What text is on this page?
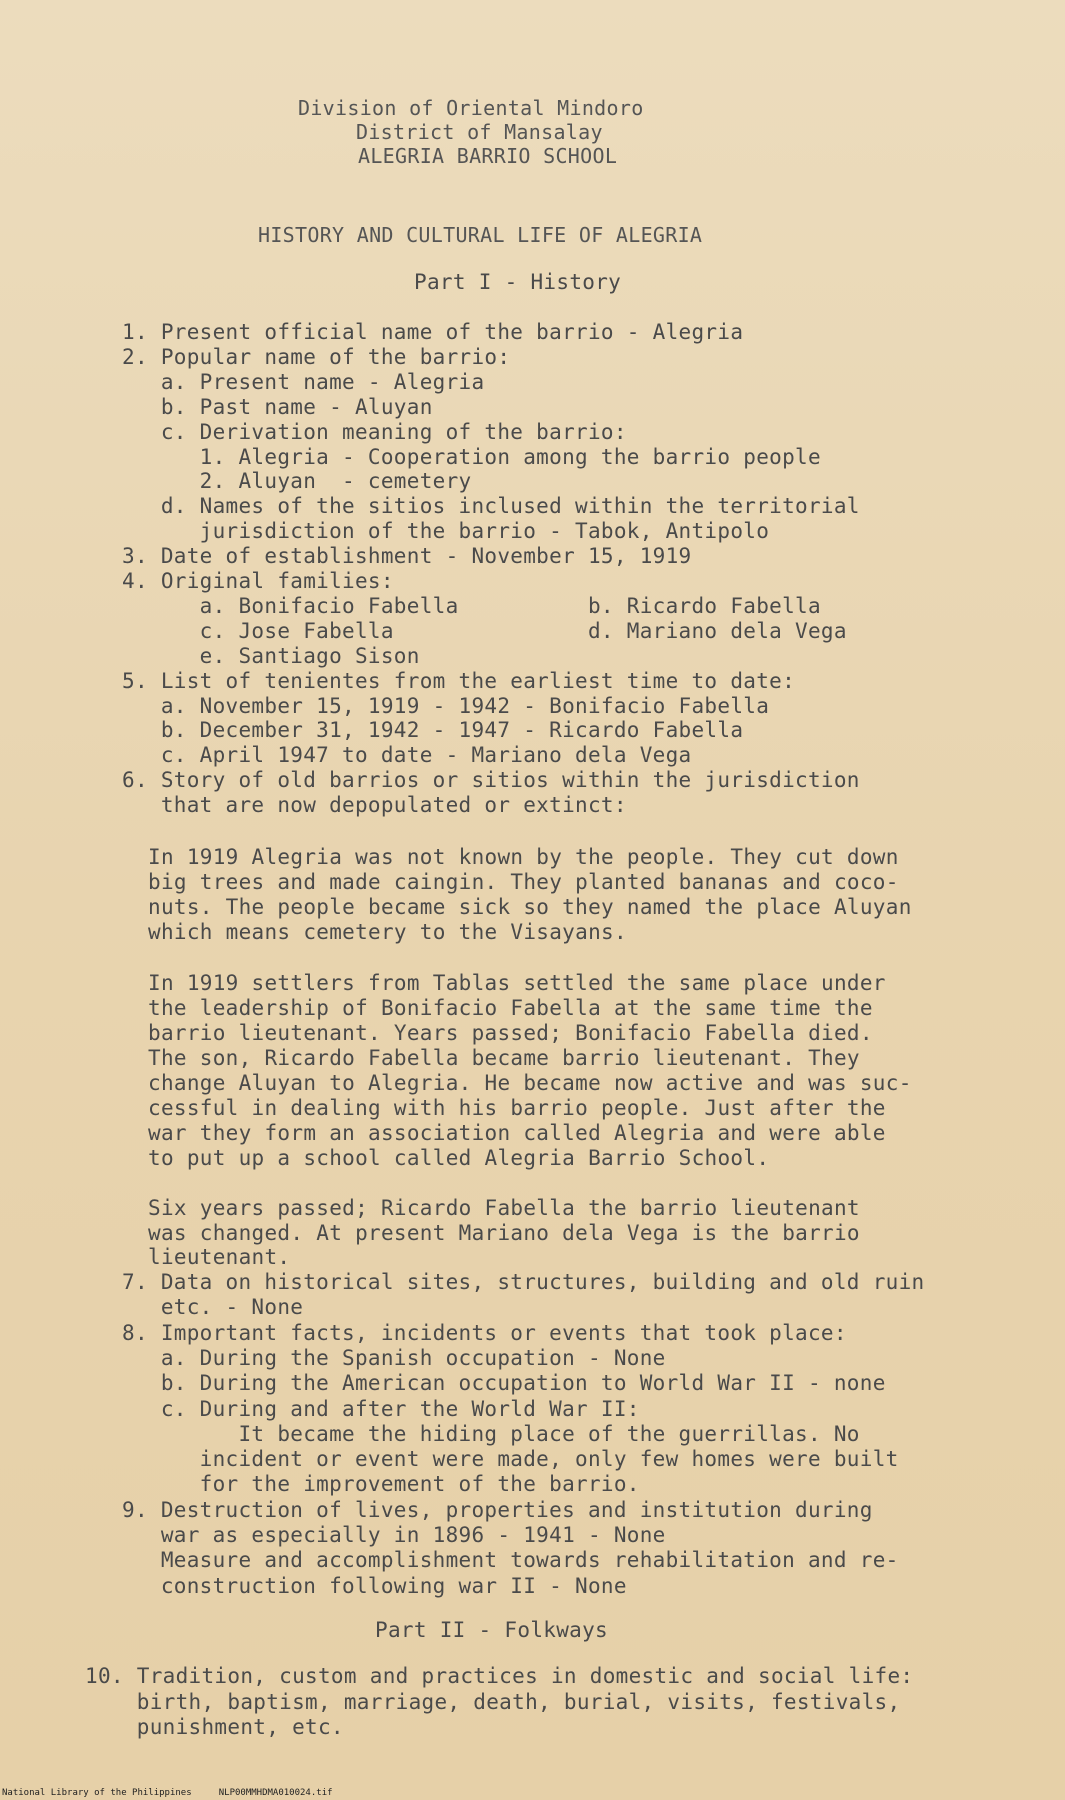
Division of Oriental Mindoro
District of Mansalay
ALEGRIA BARRIO SCHOOL
HISTORY AND CULTURAL LIFE OF ALEGRIA
Part I - History
1. Present official name of the barrio - Alegria
2. Popular name of the barrio:
a. Present name - Alegria
b. Past name - Aluyan
c. Derivation meaning of the barrio:
1. Alegria - Cooperation among the barrio people
2. Aluyan  - cemetery
d. Names of the sitios inclused within the territorial
jurisdiction of the barrio - Tabok, Antipolo
3. Date of establishment - November 15, 1919
4. Original families:
a. Bonifacio Fabella          b. Ricardo Fabella
c. Jose Fabella               d. Mariano dela Vega
e. Santiago Sison
5. List of tenientes from the earliest time to date:
a. November 15, 1919 - 1942 - Bonifacio Fabella
b. December 31, 1942 - 1947 - Ricardo Fabella
c. April 1947 to date - Mariano dela Vega
6. Story of old barrios or sitios within the jurisdiction
that are now depopulated or extinct:
In 1919 Alegria was not known by the people. They cut down
big trees and made caingin. They planted bananas and coco-
nuts. The people became sick so they named the place Aluyan
which means cemetery to the Visayans.
In 1919 settlers from Tablas settled the same place under
the leadership of Bonifacio Fabella at the same time the
barrio lieutenant. Years passed; Bonifacio Fabella died.
The son, Ricardo Fabella became barrio lieutenant. They
change Aluyan to Alegria. He became now active and was suc-
cessful in dealing with his barrio people. Just after the
war they form an association called Alegria and were able
to put up a school called Alegria Barrio School.
Six years passed; Ricardo Fabella the barrio lieutenant
was changed. At present Mariano dela Vega is the barrio
lieutenant.
7. Data on historical sites, structures, building and old ruin
etc. - None
8. Important facts, incidents or events that took place:
a. During the Spanish occupation - None
b. During the American occupation to World War II - none
c. During and after the World War II:
It became the hiding place of the guerrillas. No
incident or event were made, only few homes were built
for the improvement of the barrio.
9. Destruction of lives, properties and institution during
war as especially in 1896 - 1941 - None
Measure and accomplishment towards rehabilitation and re-
construction following war II - None
Part II - Folkways
10. Tradition, custom and practices in domestic and social life:
birth, baptism, marriage, death, burial, visits, festivals,
punishment, etc.
National Library of the Philippines     NLP00MMHDMA010024.tif
